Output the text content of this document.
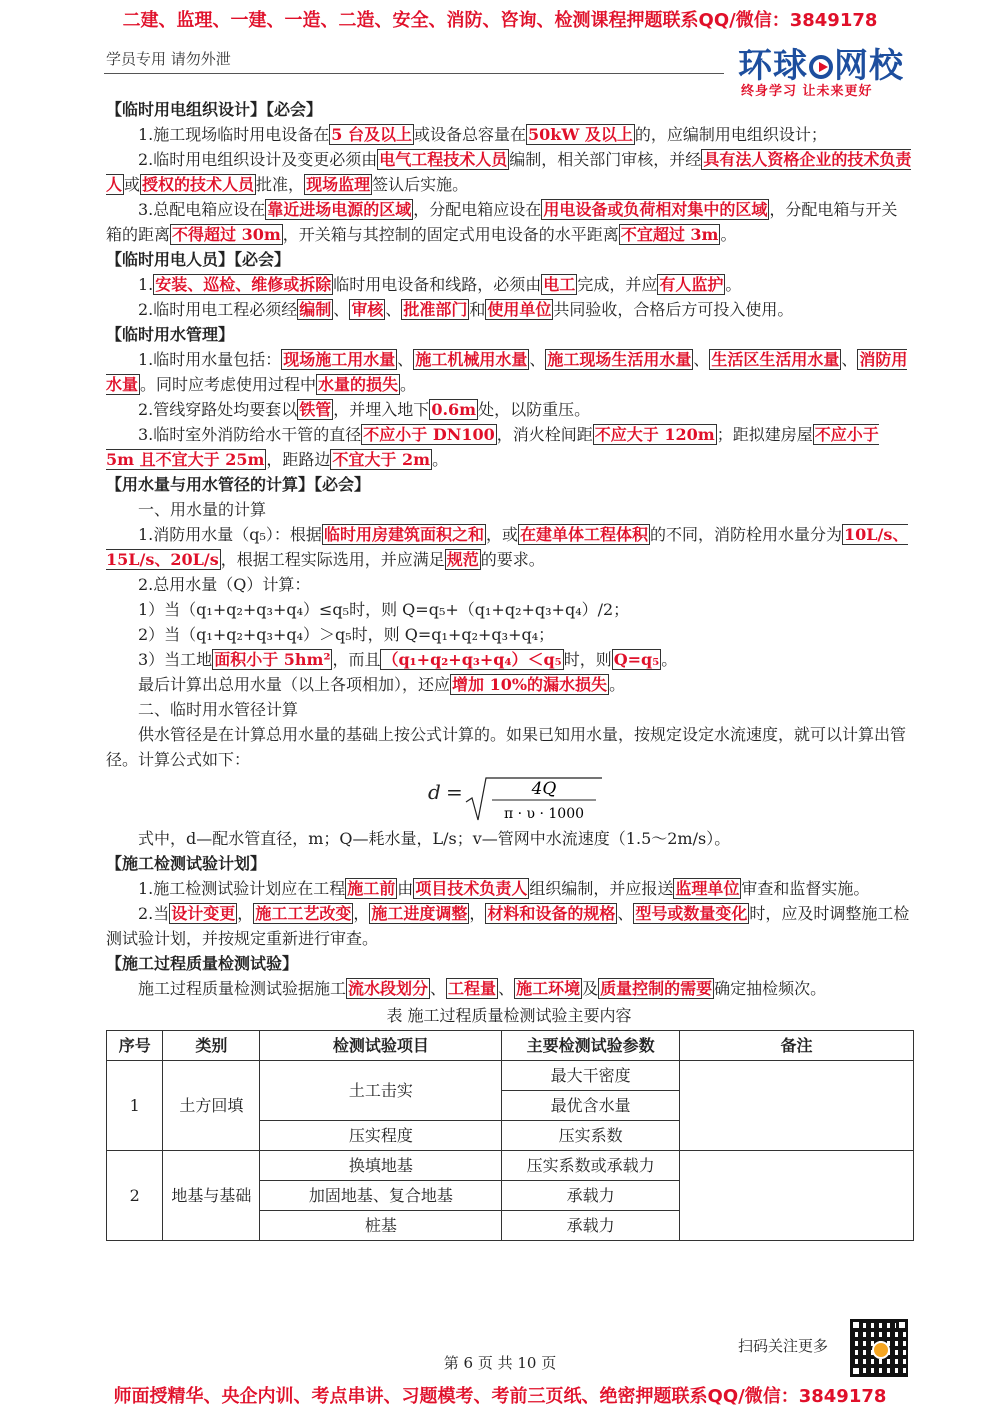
二建、监理、一建、一造、二造、安全、消防、咨询、检测课程押题联系QQ/微信：3849178
学员专用 请勿外泄	环球 网校
终身学习 让未来更好

【临时用电组织设计】【必会】

1.施工现场临时用电设备在 5 台及以上 或设备总容量在 50kW 及以上 的，应编制用电组织设计；

2.临时用电组织设计及变更必须由 电气工程技术人员 编制，相关部门审核，并经 具有法人资格企业的技术负责人 或 授权的技术人员 批准， 现场监理 签认后实施。

3.总配电箱应设在 靠近进场电源的区域 ，分配电箱应设在 用电设备或负荷相对集中的区域 ，分配电箱与开关箱的距离 不得超过 30m ，开关箱与其控制的固定式用电设备的水平距离 不宜超过 3m 。

【临时用电人员】【必会】

1. 安装、巡检、维修或拆除 临时用电设备和线路，必须由 电工 完成，并应 有人监护 。

2.临时用电工程必须经 编制 、 审核 、 批准部门 和 使用单位 共同验收，合格后方可投入使用。

【临时用水管理】

1.临时用水量包括： 现场施工用水量 、 施工机械用水量 、 施工现场生活用水量 、 生活区生活用水量 、 消防用水量 。同时应考虑使用过程中 水量的损失 。

2.管线穿路处均要套以 铁管 ，并埋入地下 0.6m 处，以防重压。

3.临时室外消防给水干管的直径 不应小于 DN100 ，消火栓间距 不应大于 120m ；距拟建房屋 不应小于 5m 且不宜大于 25m ，距路边 不宜大于 2m 。

【用水量与用水管径的计算】【必会】

一、用水量的计算

1.消防用水量（q₅）：根据 临时用房建筑面积之和 ，或 在建单体工程体积 的不同，消防栓用水量分为 10L/s、15L/s、20L/s ，根据工程实际选用，并应满足 规范 的要求。

2.总用水量（Q）计算：

1）当（q₁+q₂+q₃+q₄）≤q₅时，则 Q=q₅+（q₁+q₂+q₃+q₄）/2；

2）当（q₁+q₂+q₃+q₄）＞q₅时，则 Q=q₁+q₂+q₃+q₄；

3）当工地 面积小于 5hm² ，而且 （q₁+q₂+q₃+q₄）＜q₅ 时，则 Q=q₅ 。

最后计算出总用水量（以上各项相加），还应 增加 10%的漏水损失 。

二、临时用水管径计算

供水管径是在计算总用水量的基础上按公式计算的。如果已知用水量，按规定设定水流速度，就可以计算出管径。计算公式如下：

d =	4Q
π · υ · 1000

式中，d—配水管直径，m；Q—耗水量，L/s；v—管网中水流速度（1.5～2m/s）。

【施工检测试验计划】

1.施工检测试验计划应在工程 施工前 由 项目技术负责人 组织编制，并应报送 监理单位 审查和监督实施。

2.当 设计变更 ， 施工工艺改变 ， 施工进度调整 ， 材料和设备的规格 、 型号或数量变化 时，应及时调整施工检测试验计划，并按规定重新进行审查。

【施工过程质量检测试验】

施工过程质量检测试验据施工 流水段划分 、 工程量 、 施工环境 及 质量控制的需要 确定抽检频次。

表 施工过程质量检测试验主要内容

序号	类别	检测试验项目	主要检测试验参数	备注
1	土方回填	土工击实	最大干密度	
			最优含水量	
		压实程度	压实系数	
2	地基与基础	换填地基	压实系数或承载力	
		加固地基、复合地基	承载力	
		桩基	承载力	
扫码关注更多
第 6 页 共 10 页
师面授精华、央企内训、考点串讲、习题模考、考前三页纸、绝密押题联系QQ/微信：3849178
